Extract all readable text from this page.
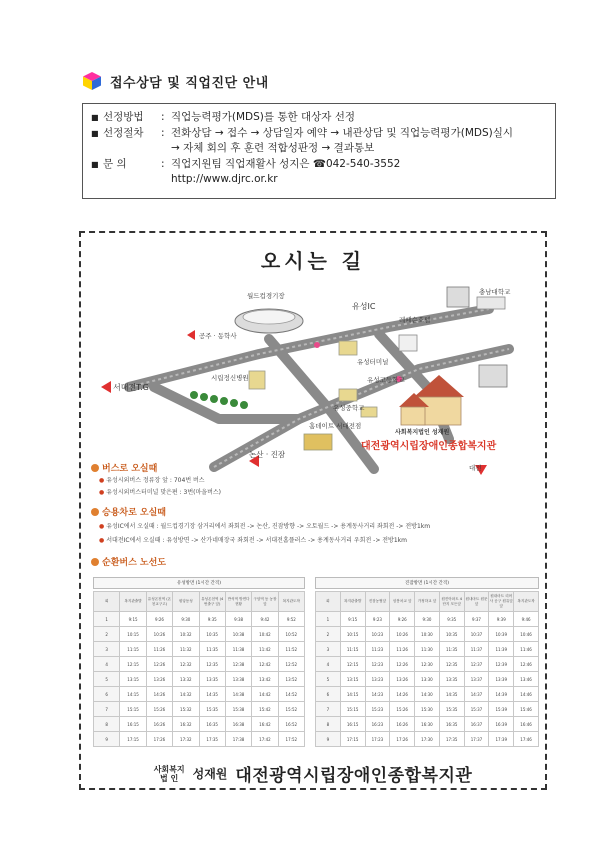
접수상담 및 직업진단 안내
■ 선정방법	: 직업능력평가(MDS)를 통한 대상자 선정
■ 선정절차	: 전화상담 → 접수 → 상담일자 예약 → 내관상담 및 직업능력평가(MDS)실시
→ 자체 회의 후 훈련 적합성판정 → 결과통보
■ 문 의	: 직업지원팀 직업재활사 성지은 ☎042-540-3552
http://www.djrc.or.kr
오시는 길
월드컵경기장
유성IC
레떼슨호텔
충남대학교
공주 · 동학사
유성터미널
시립정신병원
서대전T.G
유성고등학교
유성중학교
홈데이트 서대전점
논산 · 진잠
대전
사회복지법인 성재원
대전광역시립장애인종합복지관
버스로 오실때
● 유성시외버스 정류장 앞 : 704번 버스
● 유성시외버스터미널 맞은편 : 3번(마을버스)
승용차로 오실때
● 유성IC에서 오실때 : 월드컵경기장 삼거리에서 좌회전 -> 논산, 진잠방향 -> 오토월드 -> 용계동사거리 좌회전 -> 전방1km
● 서대전IC에서 오실때 : 유성방면 -> 산가네매장국 좌회전 -> 서대전홈플러스 -> 용계동사거리 우회전 -> 전방1km
순환버스 노선도
유성방면 (1시간 간격)	진잠방면 (1시간 간격)
회	복지관출발	유성온천역 (온천교구고)	원앙동성	유성온천역 (4번출구 앞)	반석역 방면다 현황	구암역 동 농장 앞	복지관도착
1	9:15	9:26	9:30	9:35	9:38	9:42	9:52
2	10:15	10:26	10:32	10:35	10:38	10:42	10:52
3	11:15	11:26	11:32	11:35	11:38	11:42	11:52
4	12:15	12:26	12:32	12:35	12:38	12:42	12:52
5	13:15	13:26	13:32	13:35	13:38	13:42	13:52
6	14:15	14:26	14:32	14:35	14:38	14:42	14:52
7	15:15	15:26	15:32	15:35	15:38	15:42	15:52
8	16:15	16:26	16:32	16:35	16:38	16:42	16:52
9	17:15	17:26	17:32	17:35	17:38	17:42	17:52
회	복지관출발	진잠농협앞	삼봉차교 앞	가정하교 앞	원진아파트 4단지 모든앞	원내마트 원문앞	원내마트 리어사 공구 원유앞앞	복지관도착
1	9:15	9:23	9:26	9:30	9:35	9:37	9:39	9:46
2	10:15	10:23	10:26	10:30	10:35	10:37	10:39	10:46
3	11:15	11:23	11:26	11:30	11:35	11:37	11:39	11:46
4	12:15	12:23	12:26	12:30	12:35	12:37	12:39	12:46
5	13:15	13:23	13:26	13:30	13:35	13:37	13:39	13:46
6	14:15	14:23	14:26	14:30	14:35	14:37	14:39	14:46
7	15:15	15:23	15:26	15:30	15:35	15:37	15:39	15:46
8	16:15	16:23	16:26	16:30	16:35	16:37	16:39	16:46
9	17:15	17:23	17:26	17:30	17:35	17:37	17:39	17:46
사회복지
법 인	성재원 대전광역시립장애인종합복지관
